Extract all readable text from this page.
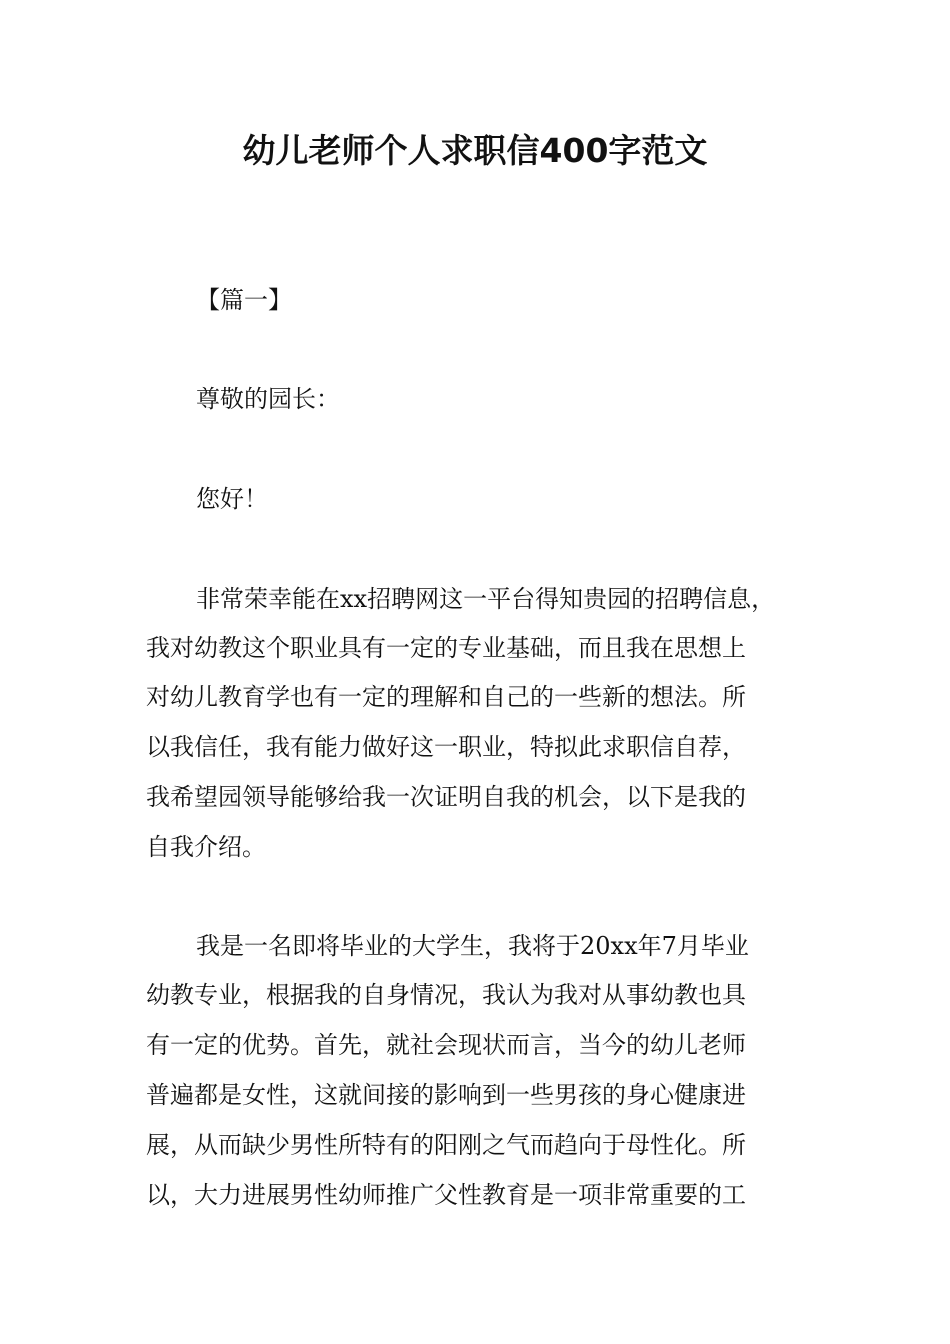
幼儿老师个人求职信400字范文

【篇一】

尊敬的园长：

您好！

非常荣幸能在xx招聘网这一平台得知贵园的招聘信息，

我对幼教这个职业具有一定的专业基础，而且我在思想上

对幼儿教育学也有一定的理解和自己的一些新的想法。所

以我信任，我有能力做好这一职业，特拟此求职信自荐，

我希望园领导能够给我一次证明自我的机会，以下是我的

自我介绍。

我是一名即将毕业的大学生，我将于20xx年7月毕业

幼教专业，根据我的自身情况，我认为我对从事幼教也具

有一定的优势。首先，就社会现状而言，当今的幼儿老师

普遍都是女性，这就间接的影响到一些男孩的身心健康进

展，从而缺少男性所特有的阳刚之气而趋向于母性化。所

以，大力进展男性幼师推广父性教育是一项非常重要的工
